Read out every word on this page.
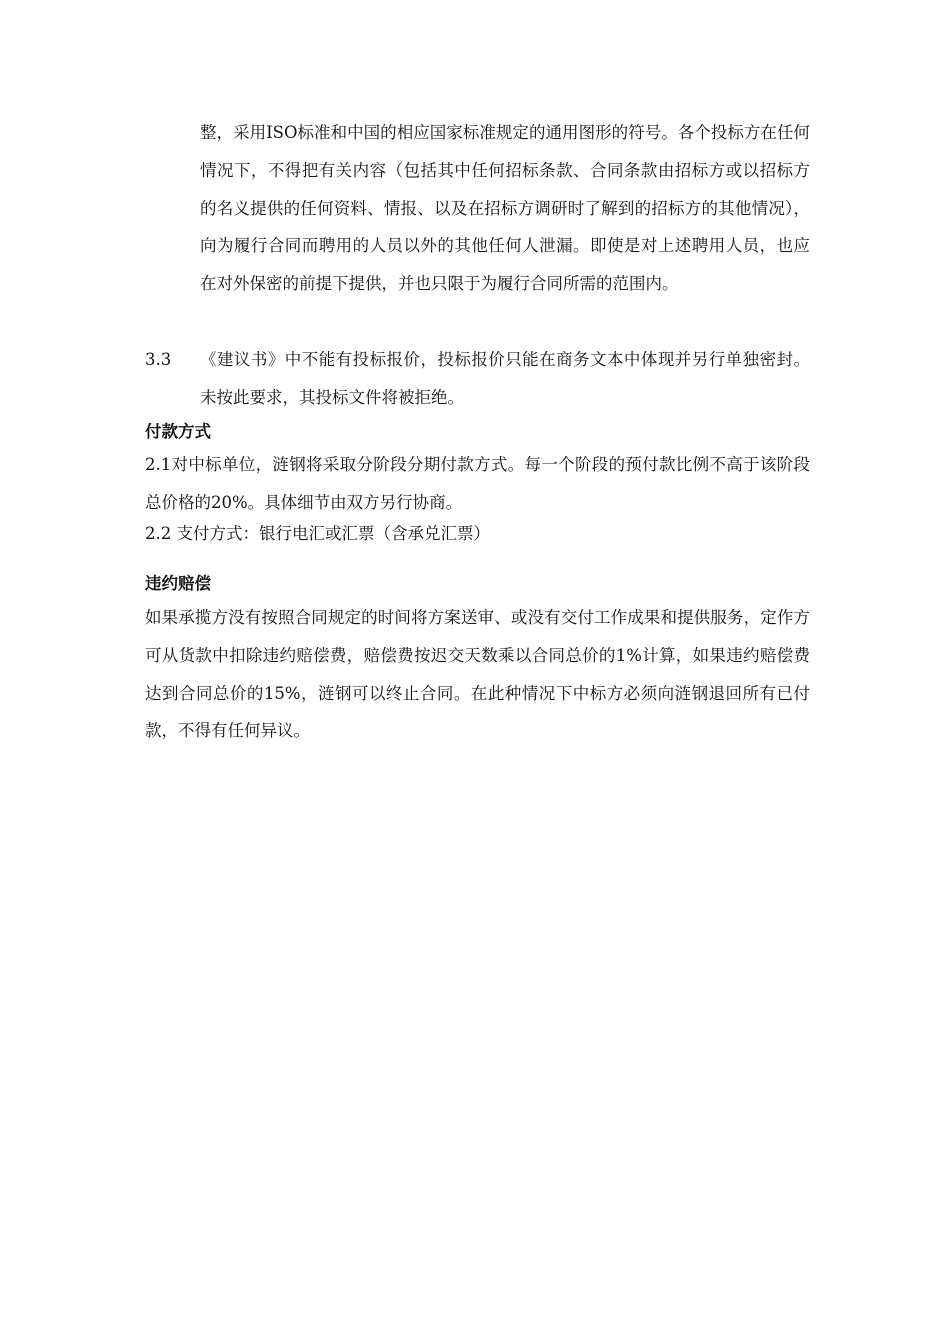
整，采用ISO标准和中国的相应国家标准规定的通用图形的符号。各个投标方在任何情况下，不得把有关内容（包括其中任何招标条款、合同条款由招标方或以招标方的名义提供的任何资料、情报、以及在招标方调研时了解到的招标方的其他情况），向为履行合同而聘用的人员以外的其他任何人泄漏。即使是对上述聘用人员，也应在对外保密的前提下提供，并也只限于为履行合同所需的范围内。

3.3	《建议书》中不能有投标报价，投标报价只能在商务文本中体现并另行单独密封。未按此要求，其投标文件将被拒绝。
付款方式

2.1对中标单位，涟钢将采取分阶段分期付款方式。每一个阶段的预付款比例不高于该阶段总价格的20%。具体细节由双方另行协商。

2.2 支付方式：银行电汇或汇票（含承兑汇票）

违约赔偿

如果承揽方没有按照合同规定的时间将方案送审、或没有交付工作成果和提供服务，定作方可从货款中扣除违约赔偿费，赔偿费按迟交天数乘以合同总价的1%计算，如果违约赔偿费达到合同总价的15%，涟钢可以终止合同。在此种情况下中标方必须向涟钢退回所有已付款，不得有任何异议。
